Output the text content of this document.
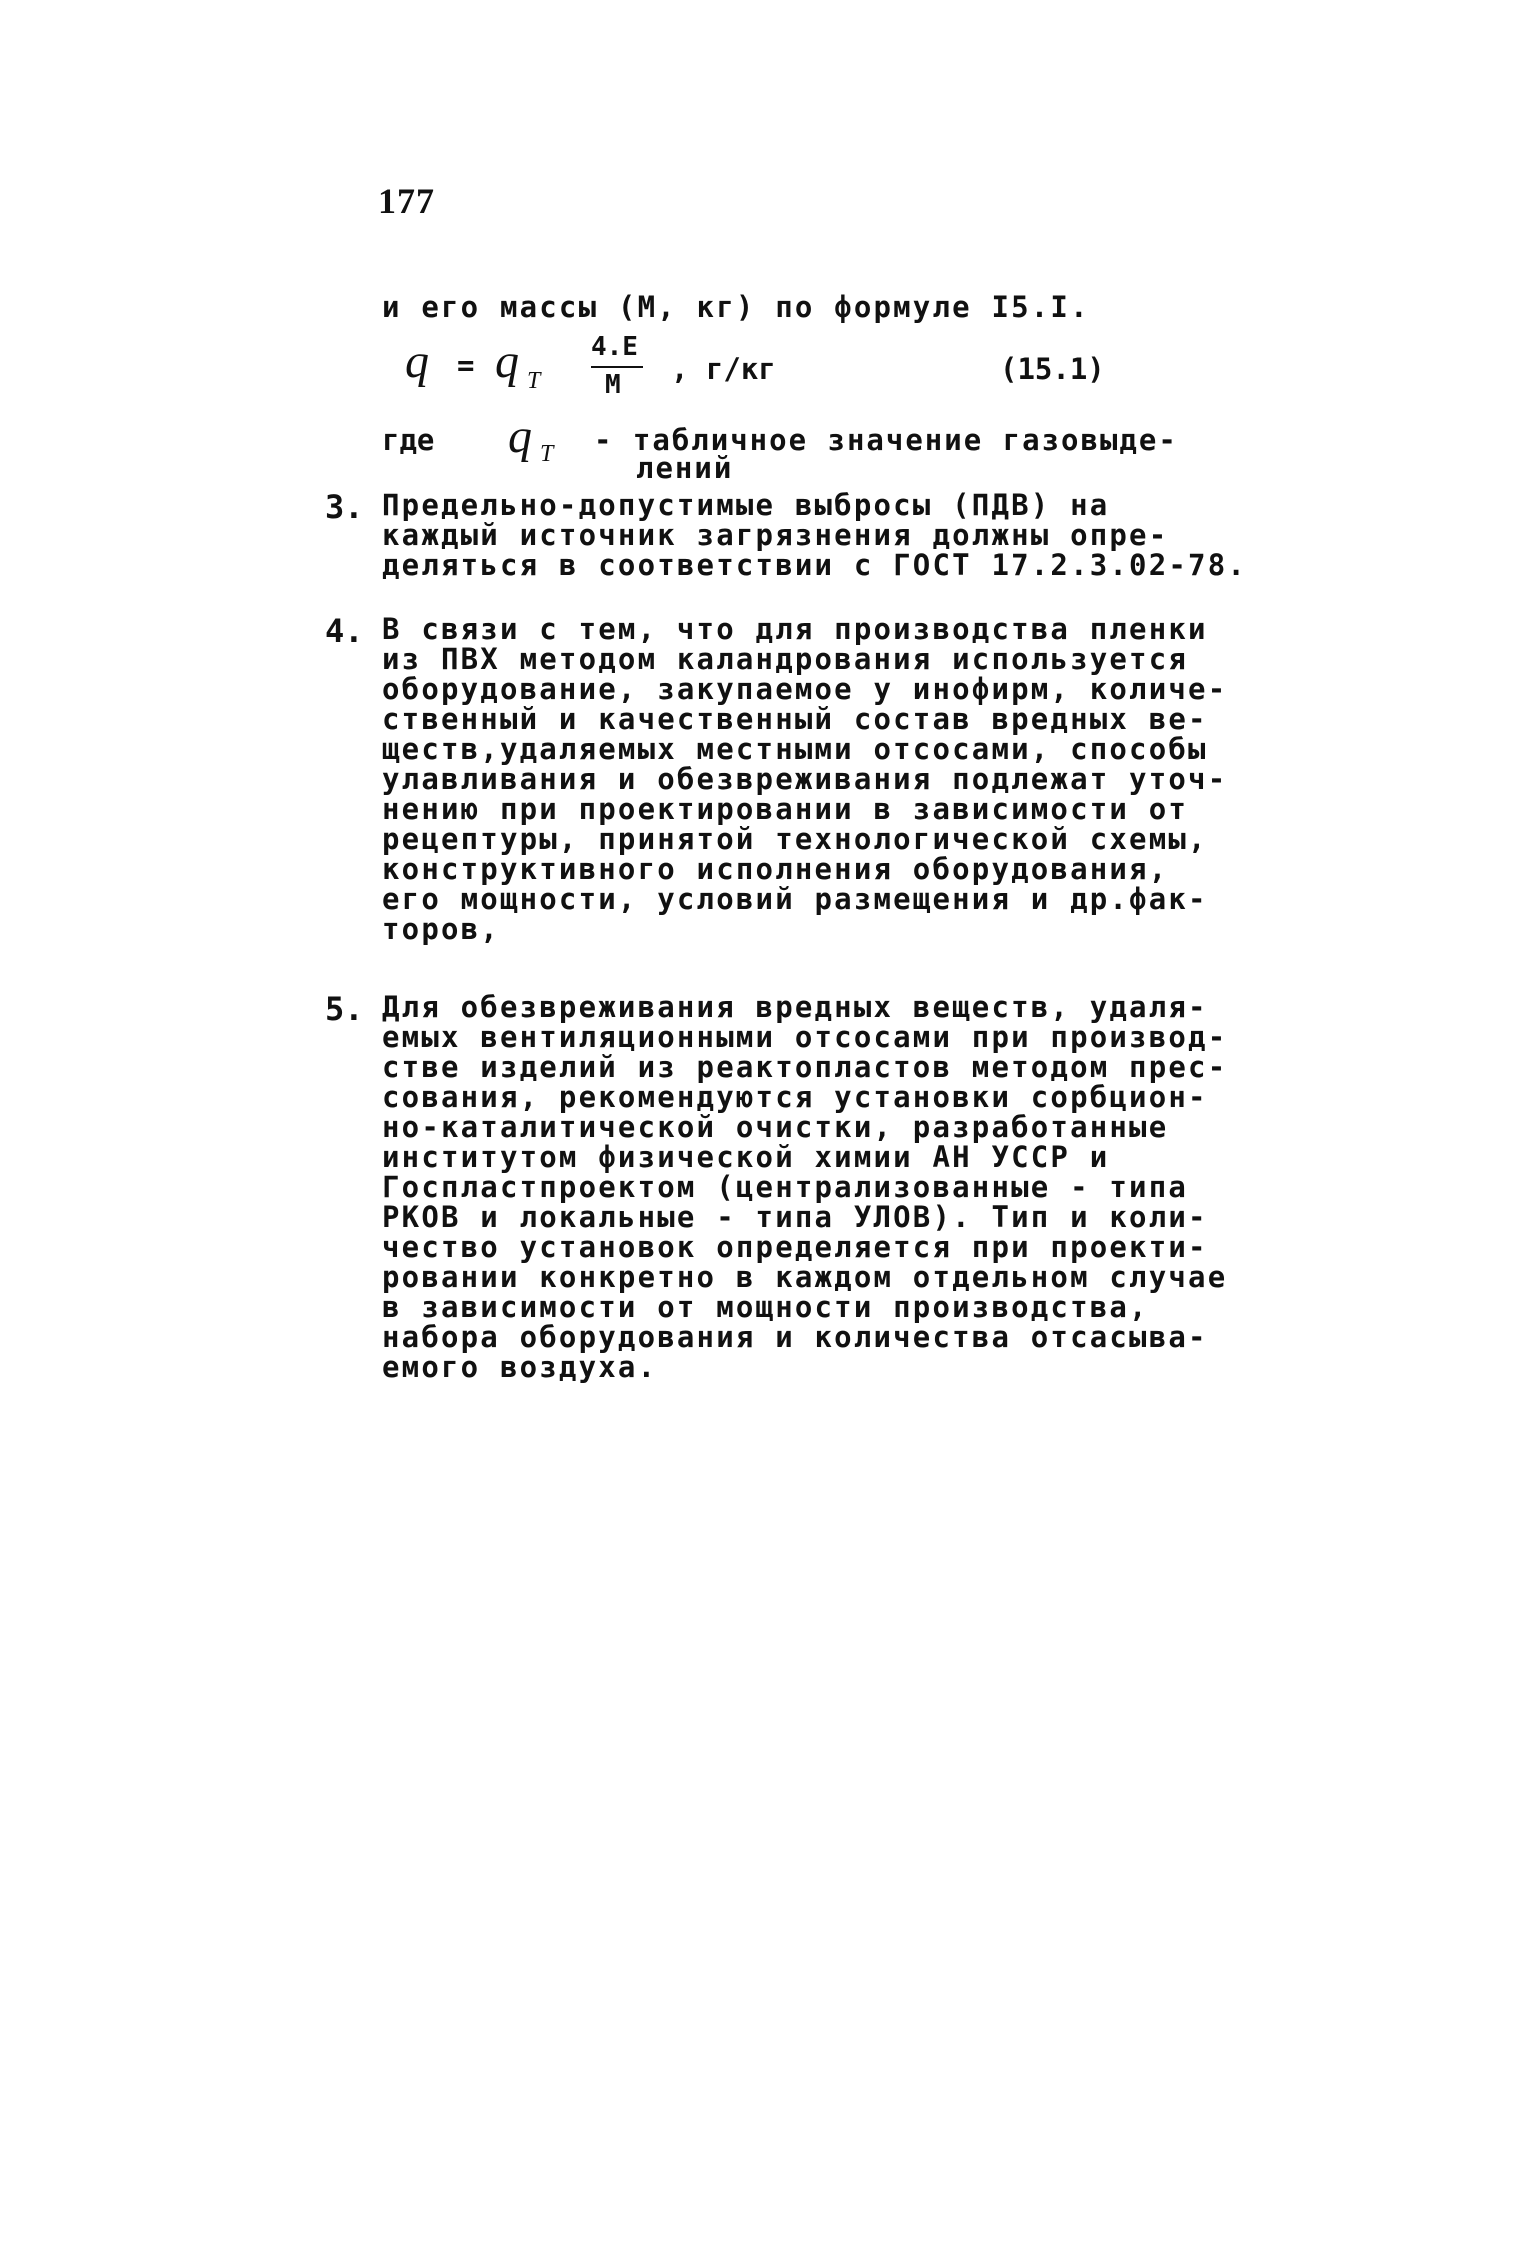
177
и его массы (М, кг) по формуле I5.I.
q = q Т
4.E
М , г/кг	(15.1)
где q Т - табличное значение газовыде-
лений
3. Предельно-допустимые выбросы (ПДВ) на
каждый источник загрязнения должны опре-
деляться в соответствии с ГОСТ 17.2.3.02-78.
4. В связи с тем, что для производства пленки
из ПВХ методом каландрования используется
оборудование, закупаемое у инофирм, количе-
ственный и качественный состав вредных ве-
ществ,удаляемых местными отсосами, способы
улавливания и обезвреживания подлежат уточ-
нению при проектировании в зависимости от
рецептуры, принятой технологической схемы,
конструктивного исполнения оборудования,
его мощности, условий размещения и др.фак-
торов,
5. Для обезвреживания вредных веществ, удаля-
емых вентиляционными отсосами при производ-
стве изделий из реактопластов методом прес-
сования, рекомендуются установки сорбцион-
но-каталитической очистки, разработанные
институтом физической химии АН УССР и
Госпластпроектом (централизованные - типа
РКОВ и локальные - типа УЛОВ). Тип и коли-
чество установок определяется при проекти-
ровании конкретно в каждом отдельном случае
в зависимости от мощности производства,
набора оборудования и количества отсасыва-
емого воздуха.
